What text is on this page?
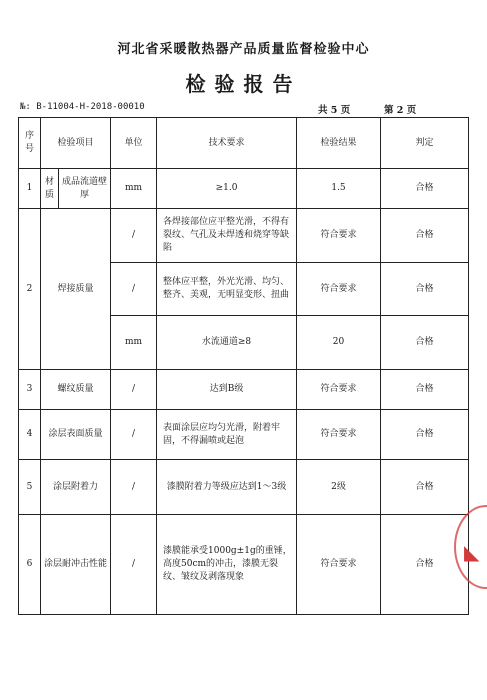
河北省采暖散热器产品质量监督检验中心
检验报告
№: B-11004-H-2018-00010	共 5 页	第 2 页
序号	检验项目		单位	技术要求	检验结果	判定
1	材质	成品流道壁厚	mm	≥1.0	1.5	合格
2	焊接质量		/	各焊接部位应平整光滑，不得有裂纹、气孔及未焊透和烧穿等缺陷	符合要求	合格
			/	整体应平整，外光光滑、均匀、整齐、美观，无明显变形、扭曲	符合要求	合格
			mm	水流通道≥8	20	合格
3	螺纹质量		/	达到B级	符合要求	合格
4	涂层表面质量		/	表面涂层应均匀光滑，附着牢固，不得漏喷或起泡	符合要求	合格
5	涂层附着力		/	漆膜附着力等级应达到1～3级	2级	合格
6	涂层耐冲击性能		/	漆膜能承受1000g±1g的重锤，高度50cm的冲击，漆膜无裂纹、皱纹及剥落现象	符合要求	合格 ◣
